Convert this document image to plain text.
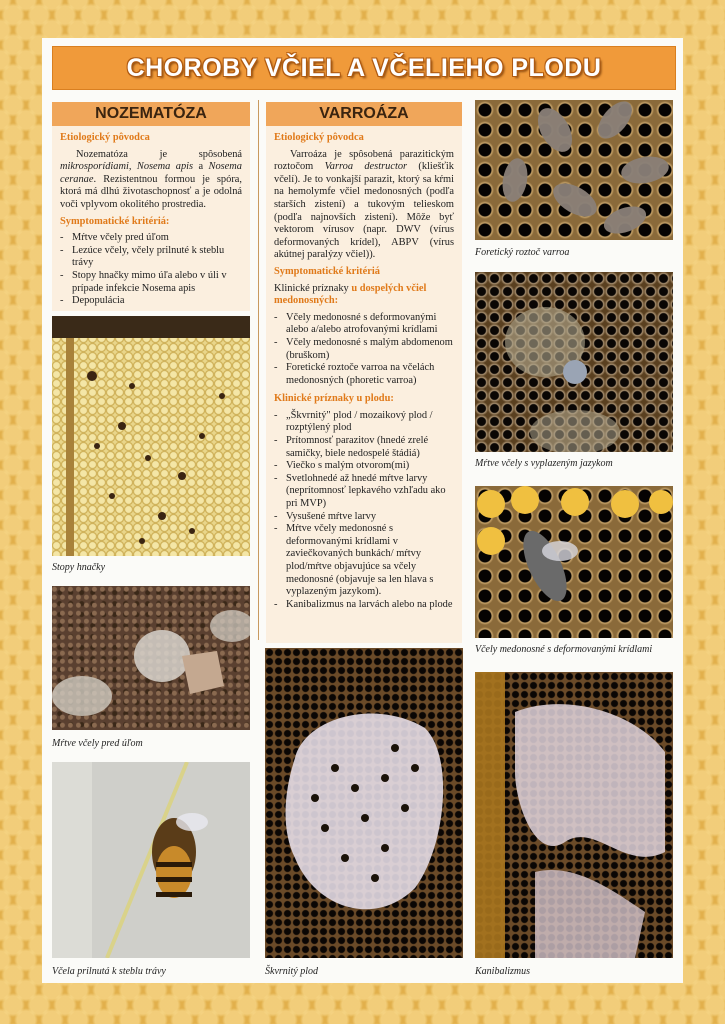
CHOROBY VČIEL A VČELIEHO PLODU
NOZEMATÓZA
Etiologický pôvodca

Nozematóza je spôsobená mikrosporídiami, Nosema apis a Nosema ceranae. Rezistentnou formou je spóra, ktorá má dlhú životaschopnosť a je odolná voči vplyvom okolitého prostredia.

Symptomatické kritériá:
- Mŕtve včely pred úľom
- Lezúce včely, včely prilnuté k steblu trávy
- Stopy hnačky mimo úľa alebo v úli v prípade infekcie Nosema apis
- Depopulácia
VARROÁZA
Etiologický pôvodca

Varroáza je spôsobená parazitickým roztočom Varroa destructor (kliešťik včelí). Je to vonkajší parazit, ktorý sa kŕmi na hemolymfe včiel medonosných (podľa starších zistení) a tukovým telieskom (podľa najnovších zistení). Môže byť vektorom vírusov (napr. DWV (vírus deformovaných krídel), ABPV (vírus akútnej paralýzy včiel)).

Symptomatické kritériá

Klinické príznaky u dospelých včiel medonosných:

- Včely medonosné s deformovanými alebo a/alebo atrofovanými krídlami
- Včely medonosné s malým abdomenom (bruškom)
- Foretické roztoče varroa na včelách medonosných (phoretic varroa)
Klinické príznaky u plodu:
- „Škvrnitý" plod / mozaikový plod / rozptýlený plod
- Prítomnosť parazitov (hnedé zrelé samičky, biele nedospelé štádiá)
- Viečko s malým otvorom(mi)
- Svetlohnedé až hnedé mŕtve larvy (neprítomnosť lepkavého vzhľadu ako pri MVP)
- Vysušené mŕtve larvy
- Mŕtve včely medonosné s deformovanými krídlami v zaviečkovaných bunkách/ mŕtvy plod/mŕtve objavujúce sa včely medonosné (objavuje sa len hlava s vyplazeným jazykom).
- Kanibalizmus na larvách alebo na plode
Stopy hnačky
Mŕtve včely pred úľom
Včela prilnutá k steblu trávy	Škvrnitý plod
Foretický roztoč varroa
Mŕtve včely s vyplazeným jazykom
Včely medonosné s deformovanými krídlami
Kanibalizmus
